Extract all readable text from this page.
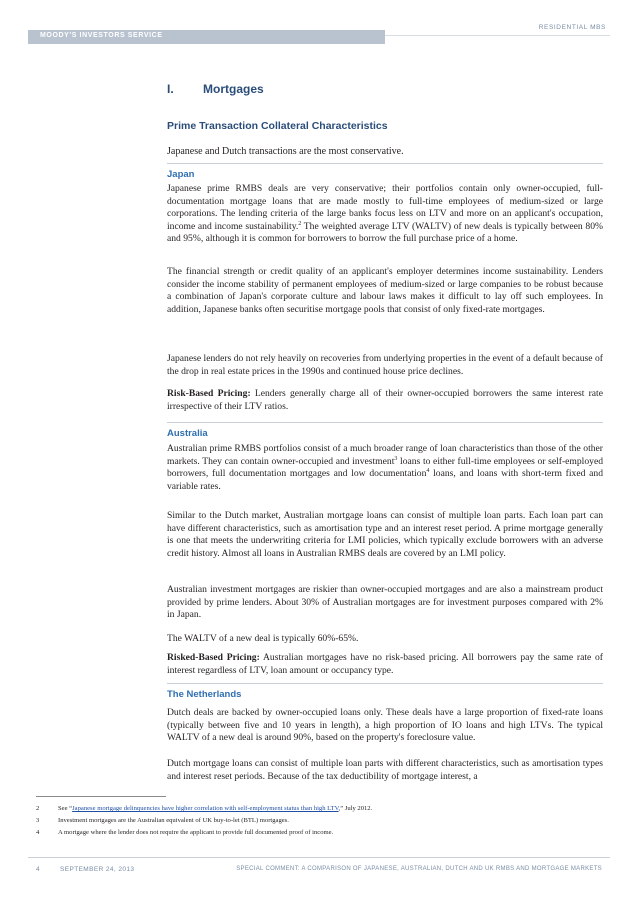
MOODY'S INVESTORS SERVICE
RESIDENTIAL MBS
I. Mortgages
Prime Transaction Collateral Characteristics
Japanese and Dutch transactions are the most conservative.
Japan
Japanese prime RMBS deals are very conservative; their portfolios contain only owner-occupied, full-documentation mortgage loans that are made mostly to full-time employees of medium-sized or large corporations. The lending criteria of the large banks focus less on LTV and more on an applicant's occupation, income and income sustainability.$^2$ The weighted average LTV (WALTV) of new deals is typically between 80% and 95%, although it is common for borrowers to borrow the full purchase price of a home.
The financial strength or credit quality of an applicant's employer determines income sustainability. Lenders consider the income stability of permanent employees of medium-sized or large companies to be robust because a combination of Japan's corporate culture and labour laws makes it difficult to lay off such employees. In addition, Japanese banks often securitise mortgage pools that consist of only fixed-rate mortgages.
Japanese lenders do not rely heavily on recoveries from underlying properties in the event of a default because of the drop in real estate prices in the 1990s and continued house price declines.
Risk-Based Pricing: Lenders generally charge all of their owner-occupied borrowers the same interest rate irrespective of their LTV ratios.
Australia
Australian prime RMBS portfolios consist of a much broader range of loan characteristics than those of the other markets. They can contain owner-occupied and investment$^3$ loans to either full-time employees or self-employed borrowers, full documentation mortgages and low documentation$^4$ loans, and loans with short-term fixed and variable rates.
Similar to the Dutch market, Australian mortgage loans can consist of multiple loan parts. Each loan part can have different characteristics, such as amortisation type and an interest reset period. A prime mortgage generally is one that meets the underwriting criteria for LMI policies, which typically exclude borrowers with an adverse credit history. Almost all loans in Australian RMBS deals are covered by an LMI policy.
Australian investment mortgages are riskier than owner-occupied mortgages and are also a mainstream product provided by prime lenders. About 30% of Australian mortgages are for investment purposes compared with 2% in Japan.
The WALTV of a new deal is typically 60%-65%.
Risked-Based Pricing: Australian mortgages have no risk-based pricing. All borrowers pay the same rate of interest regardless of LTV, loan amount or occupancy type.
The Netherlands
Dutch deals are backed by owner-occupied loans only. These deals have a large proportion of fixed-rate loans (typically between five and 10 years in length), a high proportion of IO loans and high LTVs. The typical WALTV of a new deal is around 90%, based on the property's foreclosure value.
Dutch mortgage loans can consist of multiple loan parts with different characteristics, such as amortisation types and interest reset periods. Because of the tax deductibility of mortgage interest, a
2	See “Japanese mortgage delinquencies have higher correlation with self-employment status than high LTV,” July 2012.
3	Investment mortgages are the Australian equivalent of UK buy-to-let (BTL) mortgages.
4	A mortgage where the lender does not require the applicant to provide full documented proof of income.
4	SEPTEMBER 24, 2013	SPECIAL COMMENT: A COMPARISON OF JAPANESE, AUSTRALIAN, DUTCH AND UK RMBS AND MORTGAGE MARKETS
